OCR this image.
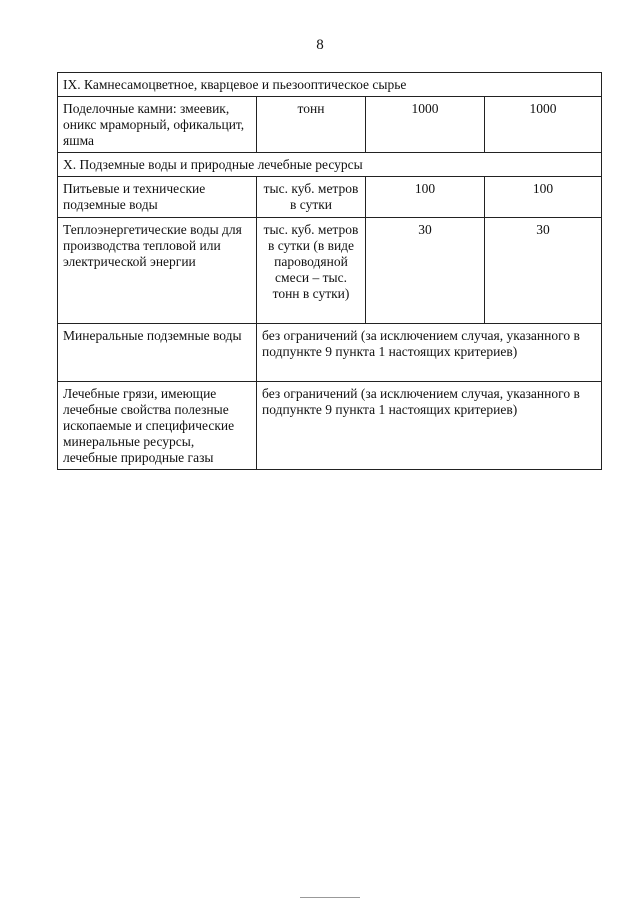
8
IX. Камнесамоцветное, кварцевое и пьезооптическое сырье			
Поделочные камни: змеевик, оникс мраморный, офикальцит, яшма	тонн	1000	1000
X. Подземные воды и природные лечебные ресурсы			
Питьевые и технические подземные воды	тыс. куб. метров в сутки	100	100
Теплоэнергетические воды для производства тепловой или электрической энергии	тыс. куб. метров в сутки (в виде пароводяной смеси – тыс. тонн в сутки)	30	30
Минеральные подземные воды	без ограничений (за исключением случая, указанного в подпункте 9 пункта 1 настоящих критериев)		
Лечебные грязи, имеющие лечебные свойства полезные ископаемые и специфические минеральные ресурсы, лечебные природные газы	без ограничений (за исключением случая, указанного в подпункте 9 пункта 1 настоящих критериев)		
